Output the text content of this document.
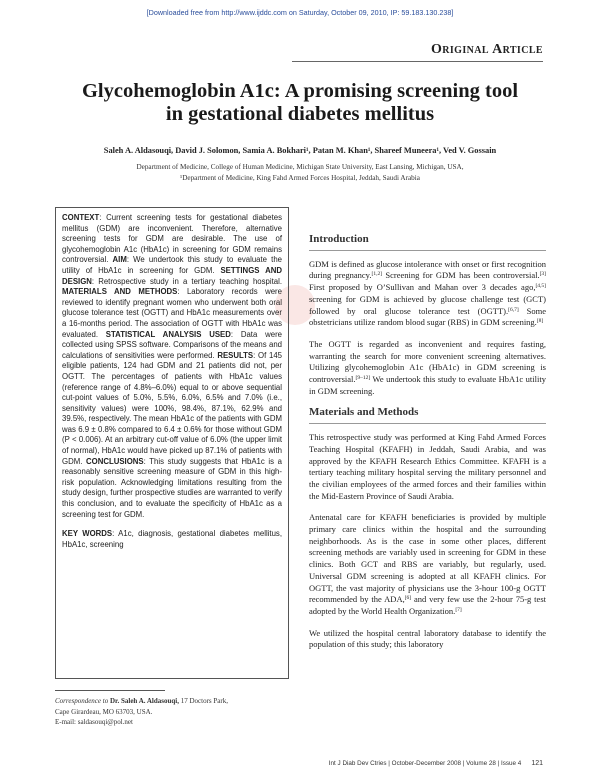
[Downloaded free from http://www.ijddc.com on Saturday, October 09, 2010, IP: 59.183.130.238]
Original Article
Glycohemoglobin A1c: A promising screening tool
in gestational diabetes mellitus
Saleh A. Aldasouqi, David J. Solomon, Samia A. Bokhari¹, Patan M. Khan¹, Shareef Muneera¹, Ved V. Gossain
Department of Medicine, College of Human Medicine, Michigan State University, East Lansing, Michigan, USA,
¹Department of Medicine, King Fahd Armed Forces Hospital, Jeddah, Saudi Arabia

CONTEXT: Current screening tests for gestational diabetes mellitus (GDM) are inconvenient. Therefore, alternative screening tests for GDM are desirable. The use of glycohemoglobin A1c (HbA1c) in screening for GDM remains controversial. AIM: We undertook this study to evaluate the utility of HbA1c in screening for GDM. SETTINGS AND DESIGN: Retrospective study in a tertiary teaching hospital. MATERIALS AND METHODS: Laboratory records were reviewed to identify pregnant women who underwent both oral glucose tolerance test (OGTT) and HbA1c measurements over a 16-months period. The association of OGTT with HbA1c was evaluated. STATISTICAL ANALYSIS USED: Data were collected using SPSS software. Comparisons of the means and calculations of sensitivities were performed. RESULTS: Of 145 eligible patients, 124 had GDM and 21 patients did not, per OGTT. The percentages of patients with HbA1c values (reference range of 4.8%–6.0%) equal to or above sequential cut-point values of 5.0%, 5.5%, 6.0%, 6.5% and 7.0% (i.e., sensitivity values) were 100%, 98.4%, 87.1%, 62.9% and 39.5%, respectively. The mean HbA1c of the patients with GDM was 6.9 ± 0.8% compared to 6.4 ± 0.6% for those without GDM (P < 0.006). At an arbitrary cut-off value of 6.0% (the upper limit of normal), HbA1c would have picked up 87.1% of patients with GDM. CONCLUSIONS: This study suggests that HbA1c is a reasonably sensitive screening measure of GDM in this high-risk population. Acknowledging limitations resulting from the study design, further prospective studies are warranted to verify this conclusion, and to evaluate the specificity of HbA1c as a screening test for GDM.

KEY WORDS: A1c, diagnosis, gestational diabetes mellitus, HbA1c, screening

Correspondence to Dr. Saleh A. Aldasouqi, 17 Doctors Park,
Cape Girardeau, MO 63703, USA.
E-mail: saldasouqi@pol.net
Introduction

GDM is defined as glucose intolerance with onset or first recognition during pregnancy.[1,2] Screening for GDM has been controversial.[3] First proposed by O’Sullivan and Mahan over 3 decades ago,[4,5] screening for GDM is achieved by glucose challenge test (GCT) followed by oral glucose tolerance test (OGTT).[6,7] Some obstetricians utilize random blood sugar (RBS) in GDM screening.[8]

The OGTT is regarded as inconvenient and requires fasting, warranting the search for more convenient screening alternatives. Utilizing glycohemoglobin A1c (HbA1c) in GDM screening is controversial.[9–12] We undertook this study to evaluate HbA1c utility in GDM screening.

Materials and Methods

This retrospective study was performed at King Fahd Armed Forces Teaching Hospital (KFAFH) in Jeddah, Saudi Arabia, and was approved by the KFAFH Research Ethics Committee. KFAFH is a tertiary teaching military hospital serving the military personnel and the civilian employees of the armed forces and their families within the Mid-Eastern Province of Saudi Arabia.

Antenatal care for KFAFH beneficiaries is provided by multiple primary care clinics within the hospital and the surrounding neighborhoods. As is the case in some other places, different screening methods are variably used in screening for GDM in these clinics. Both GCT and RBS are variably, but regularly, used. Universal GDM screening is adopted at all KFAFH clinics. For OGTT, the vast majority of physicians use the 3-hour 100-g OGTT recommended by the ADA,[6] and very few use the 2-hour 75-g test adopted by the World Health Organization.[7]

We utilized the hospital central laboratory database to identify the population of this study; this laboratory

Int J Diab Dev Ctries | October-December 2008 | Volume 28 | Issue 4 121
